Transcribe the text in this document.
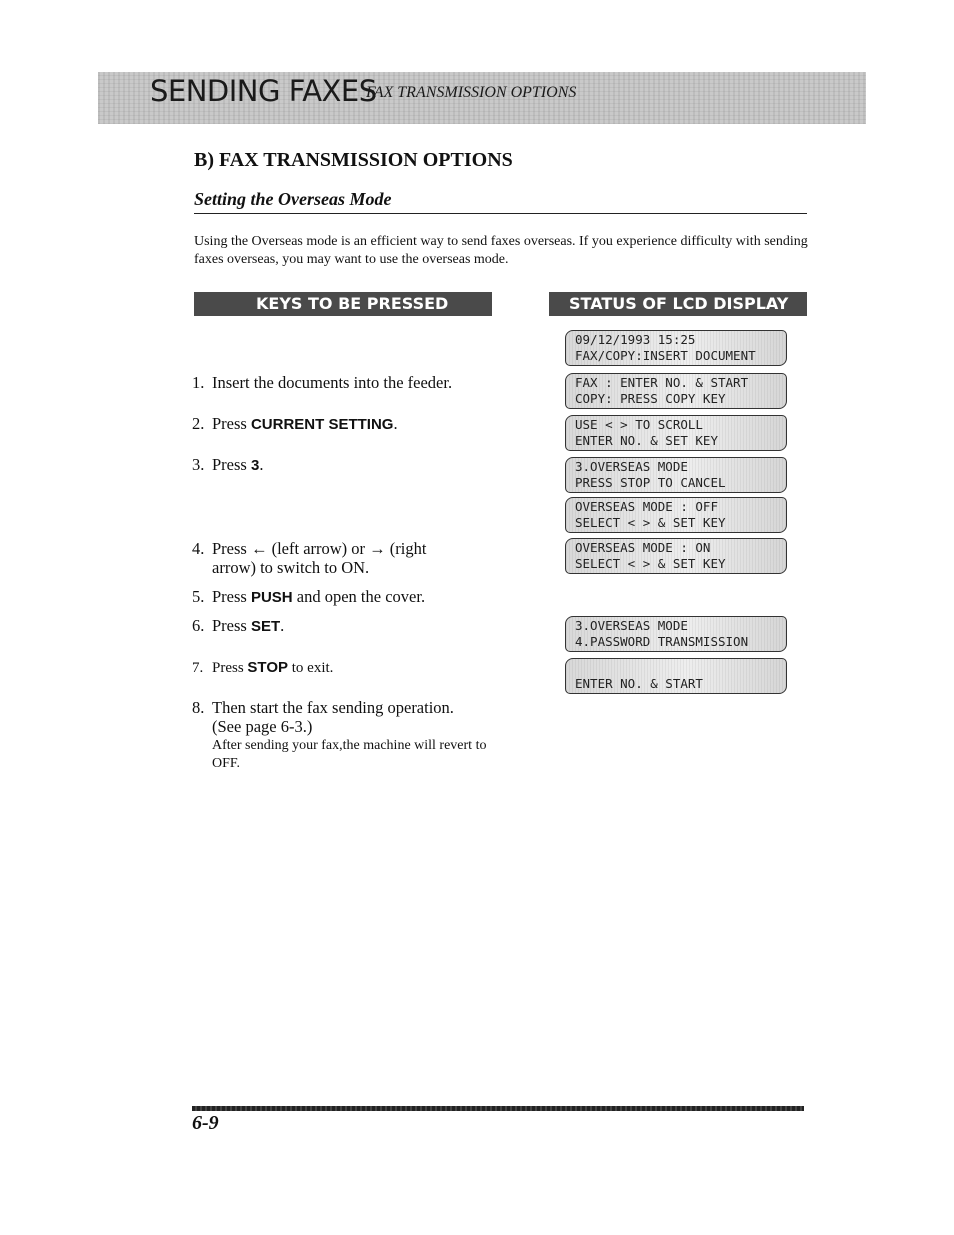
SENDING FAXES
FAX TRANSMISSION OPTIONS
B) FAX TRANSMISSION OPTIONS
Setting the Overseas Mode
Using the Overseas mode is an efficient way to send faxes overseas. If you experience difficulty with sending faxes overseas, you may want to use the overseas mode.
KEYS TO BE PRESSED	STATUS OF LCD DISPLAY
1. Insert the documents into the feeder.
2. Press CURRENT SETTING.
3. Press 3.
4. Press ← (left arrow) or → (right
arrow) to switch to ON.
5. Press PUSH and open the cover.
6. Press SET.
7. Press STOP to exit.
8. Then start the fax sending operation.
(See page 6-3.)
After sending your fax,the machine will revert to OFF.
09/12/1993 15:25
FAX/COPY:INSERT DOCUMENT
FAX : ENTER NO. & START
COPY: PRESS COPY KEY
USE < > TO SCROLL
ENTER NO. & SET KEY
3.OVERSEAS MODE
PRESS STOP TO CANCEL
OVERSEAS MODE : OFF
SELECT < > & SET KEY
OVERSEAS MODE : ON
SELECT < > & SET KEY
3.OVERSEAS MODE
4.PASSWORD TRANSMISSION
ENTER NO. & START
6-9
